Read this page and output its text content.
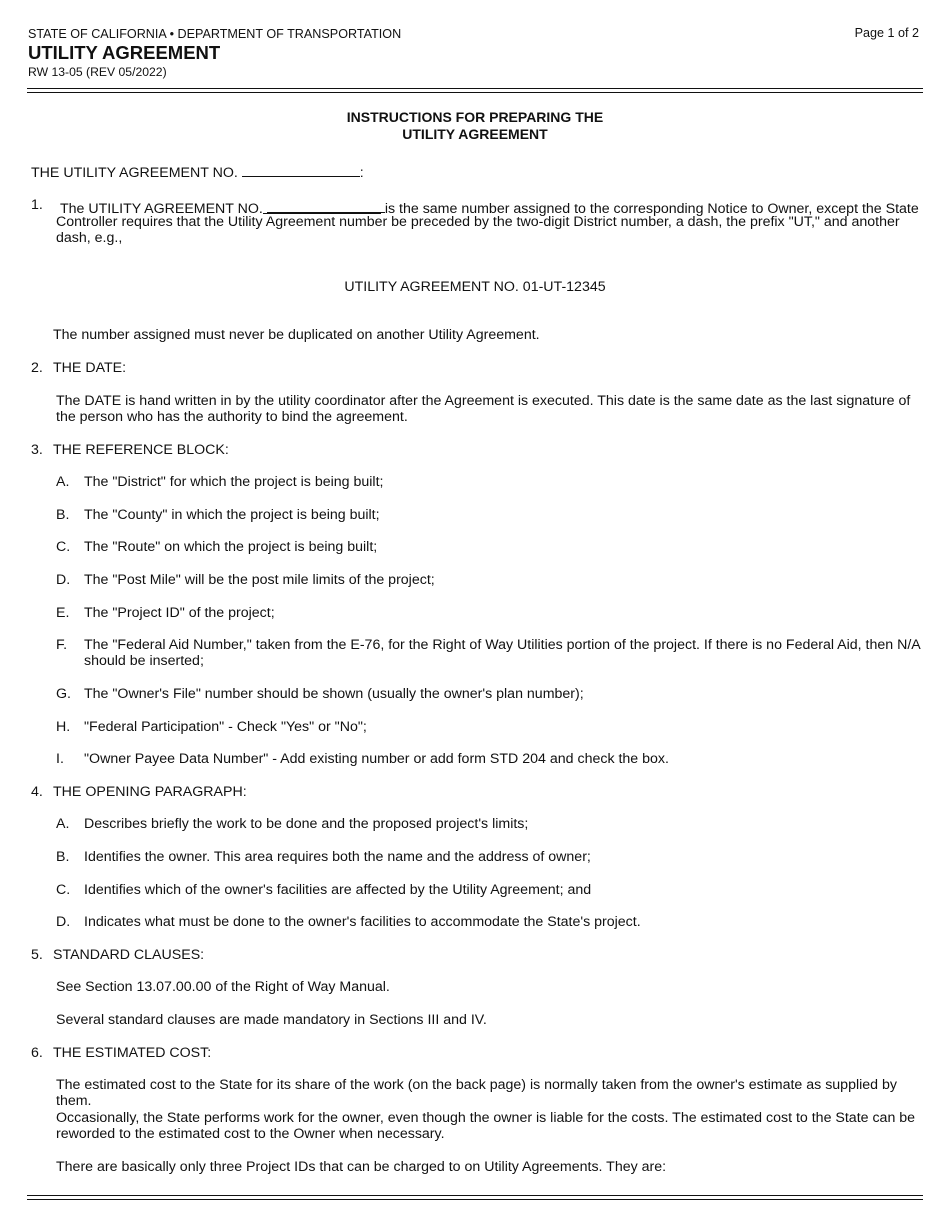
STATE OF CALIFORNIA • DEPARTMENT OF TRANSPORTATION
UTILITY AGREEMENT
RW 13-05 (REV 05/2022)
Page 1 of 2
INSTRUCTIONS FOR PREPARING THE
UTILITY AGREEMENT
THE UTILITY AGREEMENT NO.	:
1. The UTILITY AGREEMENT NO.	is the same number assigned to the corresponding Notice to Owner, except the State
Controller requires that the Utility Agreement number be preceded by the two-digit District number, a dash, the prefix "UT," and another dash, e.g.,
UTILITY AGREEMENT NO. 01-UT-12345
The number assigned must never be duplicated on another Utility Agreement.
2. THE DATE:
The DATE is hand written in by the utility coordinator after the Agreement is executed. This date is the same date as the last signature of the person who has the authority to bind the agreement.
3. THE REFERENCE BLOCK:
A. The "District" for which the project is being built;
B. The "County" in which the project is being built;
C. The "Route" on which the project is being built;
D. The "Post Mile" will be the post mile limits of the project;
E. The "Project ID" of the project;
F. The "Federal Aid Number," taken from the E-76, for the Right of Way Utilities portion of the project. If there is no Federal Aid, then N/A should be inserted;
G. The "Owner's File" number should be shown (usually the owner's plan number);
H. "Federal Participation" - Check "Yes" or "No";
I. "Owner Payee Data Number" - Add existing number or add form STD 204 and check the box.
4. THE OPENING PARAGRAPH:
A. Describes briefly the work to be done and the proposed project's limits;
B. Identifies the owner. This area requires both the name and the address of owner;
C. Identifies which of the owner's facilities are affected by the Utility Agreement; and
D. Indicates what must be done to the owner's facilities to accommodate the State's project.
5. STANDARD CLAUSES:
See Section 13.07.00.00 of the Right of Way Manual.
Several standard clauses are made mandatory in Sections III and IV.
6. THE ESTIMATED COST:
The estimated cost to the State for its share of the work (on the back page) is normally taken from the owner's estimate as supplied by them.
Occasionally, the State performs work for the owner, even though the owner is liable for the costs. The estimated cost to the State can be reworded to the estimated cost to the Owner when necessary.
There are basically only three Project IDs that can be charged to on Utility Agreements. They are:
